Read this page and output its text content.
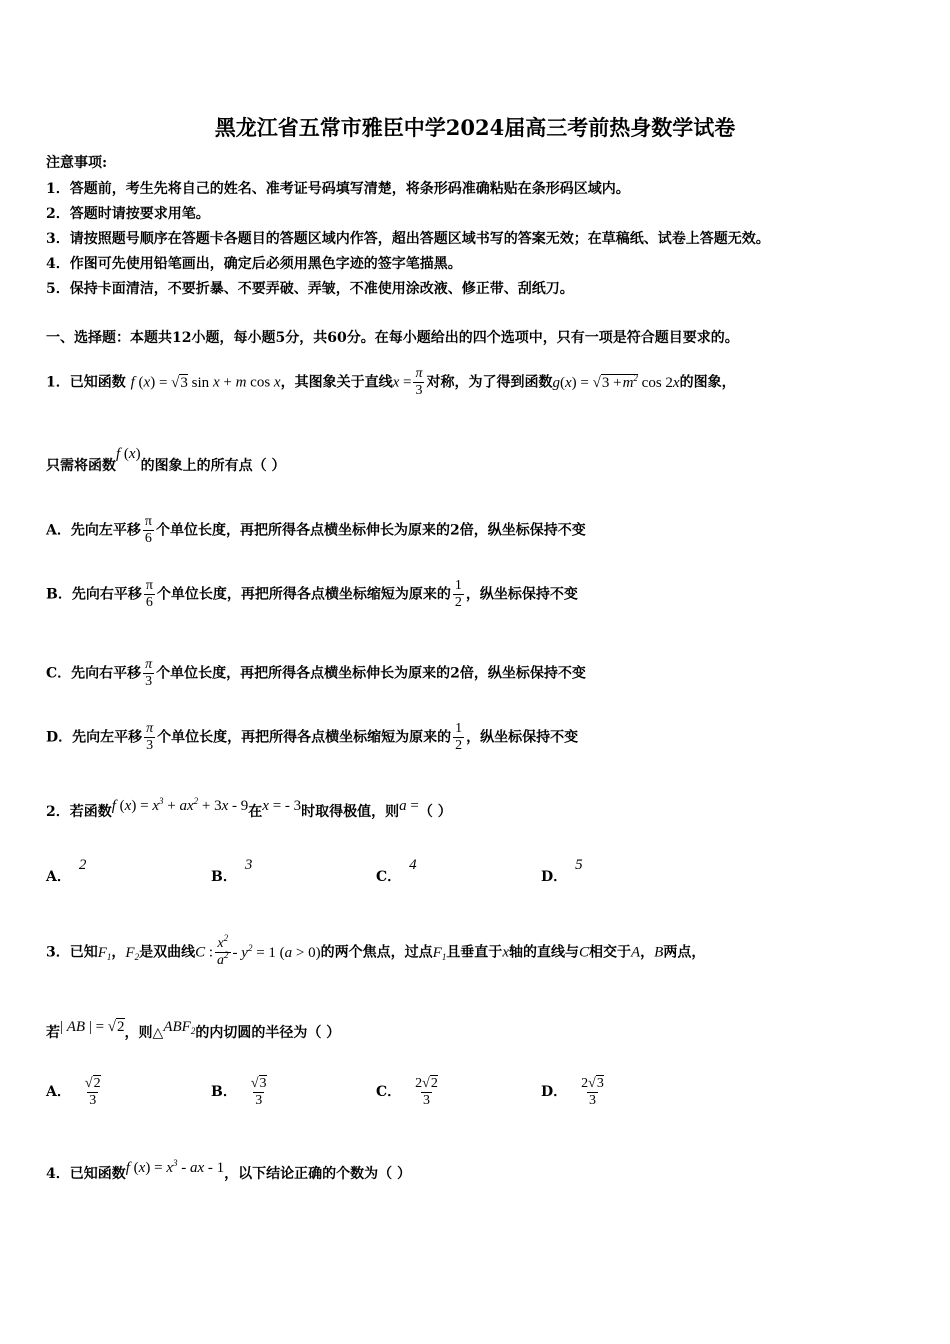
黑龙江省五常市雅臣中学2024届高三考前热身数学试卷
注意事项:
1．答题前，考生先将自己的姓名、准考证号码填写清楚，将条形码准确粘贴在条形码区域内。
2．答题时请按要求用笔。
3．请按照题号顺序在答题卡各题目的答题区域内作答，超出答题区域书写的答案无效；在草稿纸、试卷上答题无效。
4．作图可先使用铅笔画出，确定后必须用黑色字迹的签字笔描黑。
5．保持卡面清洁，不要折暴、不要弄破、弄皱，不准使用涂改液、修正带、刮纸刀。
一、选择题：本题共12小题，每小题5分，共60分。在每小题给出的四个选项中，只有一项是符合题目要求的。
1．已知函数 f (x) = √3 sin x + m cos x，其图象关于直线$x = \frac{\pi}{3}$ 对称，为了得到函数$g(x) = √3 +m^2$ cos 2x的图象，
只需将函数f (x)的图象上的所有点（ ）
A．先向左平移 $\frac{\pi}{6}$ 个单位长度，再把所得各点横坐标伸长为原来的2倍，纵坐标保持不变
B．先向右平移 $\frac{\pi}{6}$ 个单位长度，再把所得各点横坐标缩短为原来的 $\frac{1}{2}$ ，纵坐标保持不变
C．先向右平移 $\frac{\pi}{3}$ 个单位长度，再把所得各点横坐标伸长为原来的2倍，纵坐标保持不变
D．先向左平移 $\frac{\pi}{3}$ 个单位长度，再把所得各点横坐标缩短为原来的 $\frac{1}{2}$ ，纵坐标保持不变
2．若函数f $(x) = x^3 + ax^2 + 3x - 9$在x = - 3时取得极值，则a =（ ）
A．2
B．3
C．4
D．5
3．已知$F_1$，$F_2$是双曲线C : $\frac{x^2}{a^2} - y^2 = 1$ (a > 0)的两个焦点，过点$F_1$且垂直于x轴的直线与C相交于A，B两点，
若| AB | = √2，则$\triangle ABF_2$的内切圆的半径为（ ）
A． $\frac{√2}{3}$	B． $\frac{√3}{3}$	C． $\frac{2√2}{3}$	D． $\frac{2√3}{3}$
4．已知函数f $(x) = x^3$ - ax - 1，以下结论正确的个数为（ ）
